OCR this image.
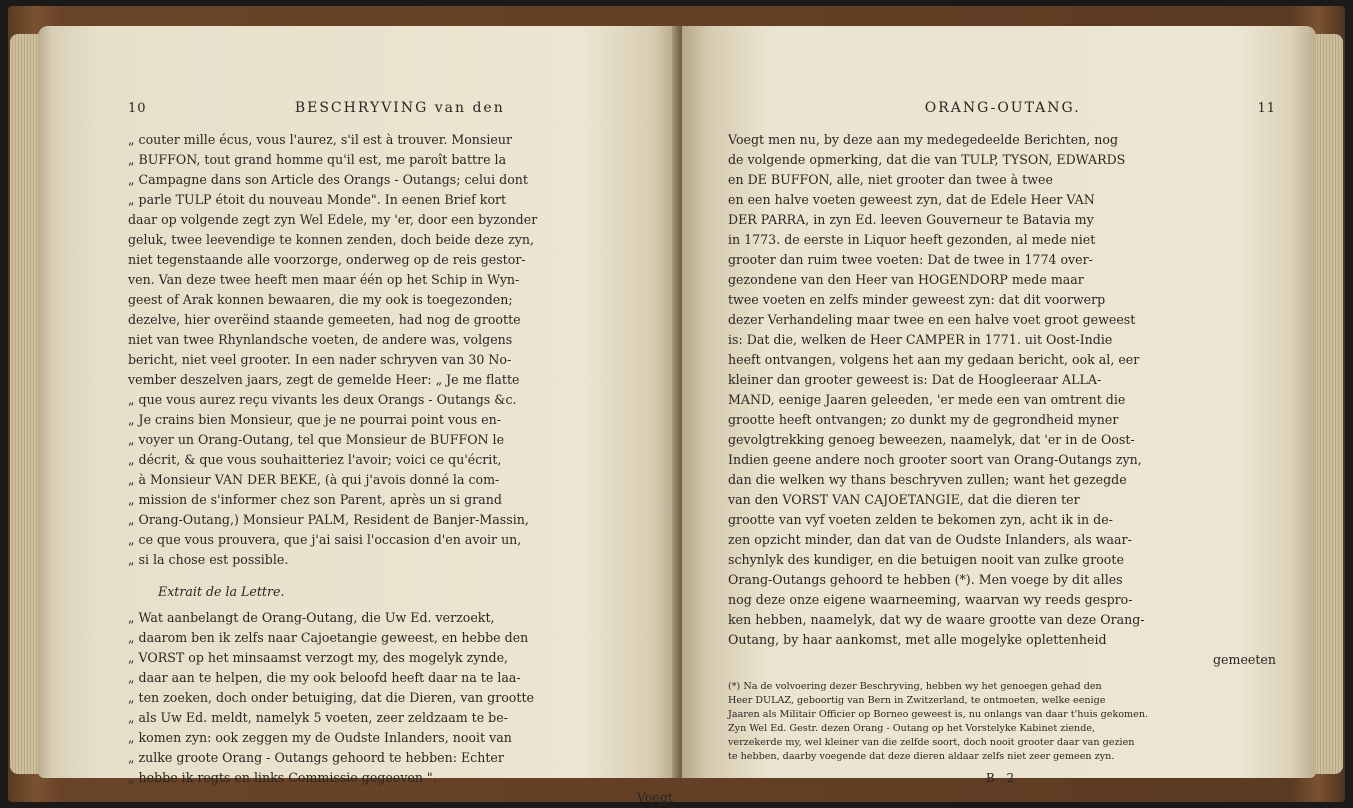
10	BESCHRYVING van den
„ couter mille écus, vous l'aurez, s'il est à trouver. Monsieur
„ BUFFON, tout grand homme qu'il est, me paroît battre la
„ Campagne dans son Article des Orangs - Outangs; celui dont
„ parle TULP étoit du nouveau Monde". In eenen Brief kort
daar op volgende zegt zyn Wel Edele, my 'er, door een byzonder
geluk, twee leevendige te konnen zenden, doch beide deze zyn,
niet tegenstaande alle voorzorge, onderweg op de reis gestor-
ven. Van deze twee heeft men maar één op het Schip in Wyn-
geest of Arak konnen bewaaren, die my ook is toegezonden;
dezelve, hier overëind staande gemeeten, had nog de grootte
niet van twee Rhynlandsche voeten, de andere was, volgens
bericht, niet veel grooter. In een nader schryven van 30 No-
vember deszelven jaars, zegt de gemelde Heer: „ Je me flatte
„ que vous aurez reçu vivants les deux Orangs - Outangs &c.
„ Je crains bien Monsieur, que je ne pourrai point vous en-
„ voyer un Orang-Outang, tel que Monsieur de BUFFON le
„ décrit, & que vous souhaitteriez l'avoir; voici ce qu'écrit,
„ à Monsieur VAN DER BEKE, (à qui j'avois donné la com-
„ mission de s'informer chez son Parent, après un si grand
„ Orang-Outang,) Monsieur PALM, Resident de Banjer-Massin,
„ ce que vous prouvera, que j'ai saisi l'occasion d'en avoir un,
„ si la chose est possible.
Extrait de la Lettre.
„ Wat aanbelangt de Orang-Outang, die Uw Ed. verzoekt,
„ daarom ben ik zelfs naar Cajoetangie geweest, en hebbe den
„ VORST op het minsaamst verzogt my, des mogelyk zynde,
„ daar aan te helpen, die my ook beloofd heeft daar na te laa-
„ ten zoeken, doch onder betuiging, dat die Dieren, van grootte
„ als Uw Ed. meldt, namelyk 5 voeten, zeer zeldzaam te be-
„ komen zyn: ook zeggen my de Oudste Inlanders, nooit van
„ zulke groote Orang - Outangs gehoord te hebben: Echter
„ hebbe ik regts en links Commissie gegeeven ".
Voegt
ORANG-OUTANG.	11
Voegt men nu, by deze aan my medegedeelde Berichten, nog
de volgende opmerking, dat die van TULP, TYSON, EDWARDS
en DE BUFFON, alle, niet grooter dan twee à twee
en een halve voeten geweest zyn, dat de Edele Heer VAN
DER PARRA, in zyn Ed. leeven Gouverneur te Batavia my
in 1773. de eerste in Liquor heeft gezonden, al mede niet
grooter dan ruim twee voeten: Dat de twee in 1774 over-
gezondene van den Heer van HOGENDORP mede maar
twee voeten en zelfs minder geweest zyn: dat dit voorwerp
dezer Verhandeling maar twee en een halve voet groot geweest
is: Dat die, welken de Heer CAMPER in 1771. uit Oost-Indie
heeft ontvangen, volgens het aan my gedaan bericht, ook al, eer
kleiner dan grooter geweest is: Dat de Hoogleeraar ALLA-
MAND, eenige Jaaren geleeden, 'er mede een van omtrent die
grootte heeft ontvangen; zo dunkt my de gegrondheid myner
gevolgtrekking genoeg beweezen, naamelyk, dat 'er in de Oost-
Indien geene andere noch grooter soort van Orang-Outangs zyn,
dan die welken wy thans beschryven zullen; want het gezegde
van den VORST VAN CAJOETANGIE, dat die dieren ter
grootte van vyf voeten zelden te bekomen zyn, acht ik in de-
zen opzicht minder, dan dat van de Oudste Inlanders, als waar-
schynlyk des kundiger, en die betuigen nooit van zulke groote
Orang-Outangs gehoord te hebben (*). Men voege by dit alles
nog deze onze eigene waarneeming, waarvan wy reeds gespro-
ken hebben, naamelyk, dat wy de waare grootte van deze Orang-
Outang, by haar aankomst, met alle mogelyke oplettenheid
gemeeten
(*) Na de volvoering dezer Beschryving, hebben wy het genoegen gehad den
Heer DULAZ, geboortig van Bern in Zwitzerland, te ontmoeten, welke eenige
Jaaren als Militair Officier op Borneo geweest is, nu onlangs van daar t'huis gekomen.
Zyn Wel Ed. Gestr. dezen Orang - Outang op het Vorstelyke Kabinet ziende,
verzekerde my, wel kleiner van die zelfde soort, doch nooit grooter daar van gezien
te hebben, daarby voegende dat deze dieren aldaar zelfs niet zeer gemeen zyn.
B 2
